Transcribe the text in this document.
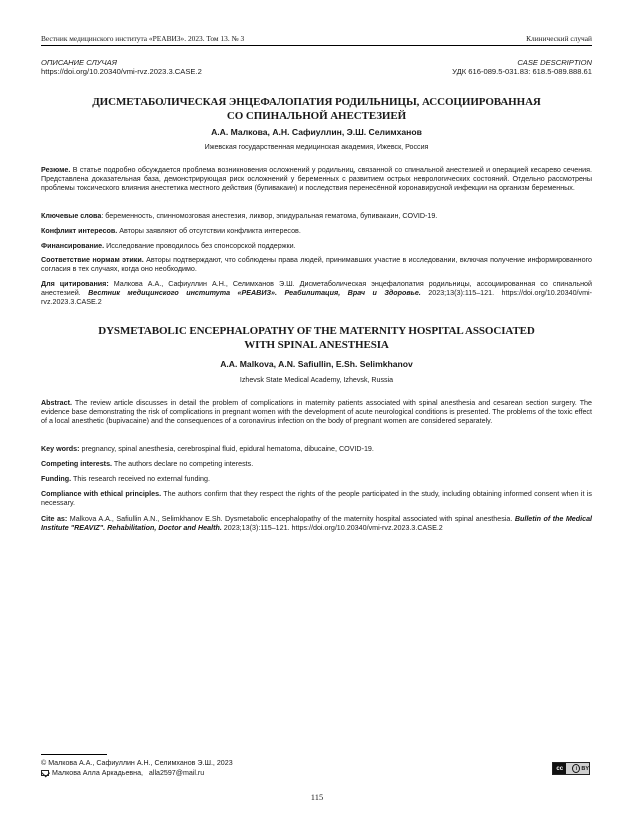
Вестник медицинского института «РЕАВИЗ». 2023. Том 13. № 3	Клинический случай
ОПИСАНИЕ СЛУЧАЯ	CASE DESCRIPTION
https://doi.org/10.20340/vmi-rvz.2023.3.CASE.2	УДК 616-089.5-031.83: 618.5-089.888.61
ДИСМЕТАБОЛИЧЕСКАЯ ЭНЦЕФАЛОПАТИЯ РОДИЛЬНИЦЫ, АССОЦИИРОВАННАЯ
СО СПИНАЛЬНОЙ АНЕСТЕЗИЕЙ
А.А. Малкова, А.Н. Сафиуллин, Э.Ш. Селимханов
Ижевская государственная медицинская академия, Ижевск, Россия
Резюме. В статье подробно обсуждается проблема возникновения осложнений у родильниц, связанной со спинальной анестезией и операцией кесарево сечения. Представлена доказательная база, демонстрирующая риск осложнений у беременных с развитием острых неврологических состояний. Отдельно рассмотрены проблемы токсического влияния анестетика местного действия (бупивакаин) и последствия перенесённой коронавирусной инфекции на организм беременных.
Ключевые слова: беременность, спинномозговая анестезия, ликвор, эпидуральная гематома, бупивакаин, COVID-19.
Конфликт интересов. Авторы заявляют об отсутствии конфликта интересов.
Финансирование. Исследование проводилось без спонсорской поддержки.
Соответствие нормам этики. Авторы подтверждают, что соблюдены права людей, принимавших участие в исследовании, включая получение информированного согласия в тех случаях, когда оно необходимо.
Для цитирования: Малкова А.А., Сафиуллин А.Н., Селимханов Э.Ш. Дисметаболическая энцефалопатия родильницы, ассоциированная со спинальной анестезией. Вестник медицинского института «РЕАВИЗ». Реабилитация, Врач и Здоровье. 2023;13(3):115–121. https://doi.org/10.20340/vmi-rvz.2023.3.CASE.2
DYSMETABOLIC ENCEPHALOPATHY OF THE MATERNITY HOSPITAL ASSOCIATED
WITH SPINAL ANESTHESIA
A.A. Malkova, A.N. Safiullin, E.Sh. Selimkhanov
Izhevsk State Medical Academy, Izhevsk, Russia
Abstract. The review article discusses in detail the problem of complications in maternity patients associated with spinal anesthesia and cesarean section surgery. The evidence base demonstrating the risk of complications in pregnant women with the development of acute neurological conditions is presented. The problems of the toxic effect of a local anesthetic (bupivacaine) and the consequences of a coronavirus infection on the body of pregnant women are considered separately.
Key words: pregnancy, spinal anesthesia, cerebrospinal fluid, epidural hematoma, dibucaine, COVID-19.
Competing interests. The authors declare no competing interests.
Funding. This research received no external funding.
Compliance with ethical principles. The authors confirm that they respect the rights of the people participated in the study, including obtaining informed consent when it is necessary.
Cite as: Malkova A.A., Safiullin A.N., Selimkhanov E.Sh. Dysmetabolic encephalopathy of the maternity hospital associated with spinal anesthesia. Bulletin of the Medical Institute "REAVIZ". Rehabilitation, Doctor and Health. 2023;13(3):115–121. https://doi.org/10.20340/vmi-rvz.2023.3.CASE.2
© Малкова А.А., Сафиуллин А.Н., Селимханов Э.Ш., 2023
Малкова Алла Аркадьевна, alla2597@mail.ru
cc	i BY
115
